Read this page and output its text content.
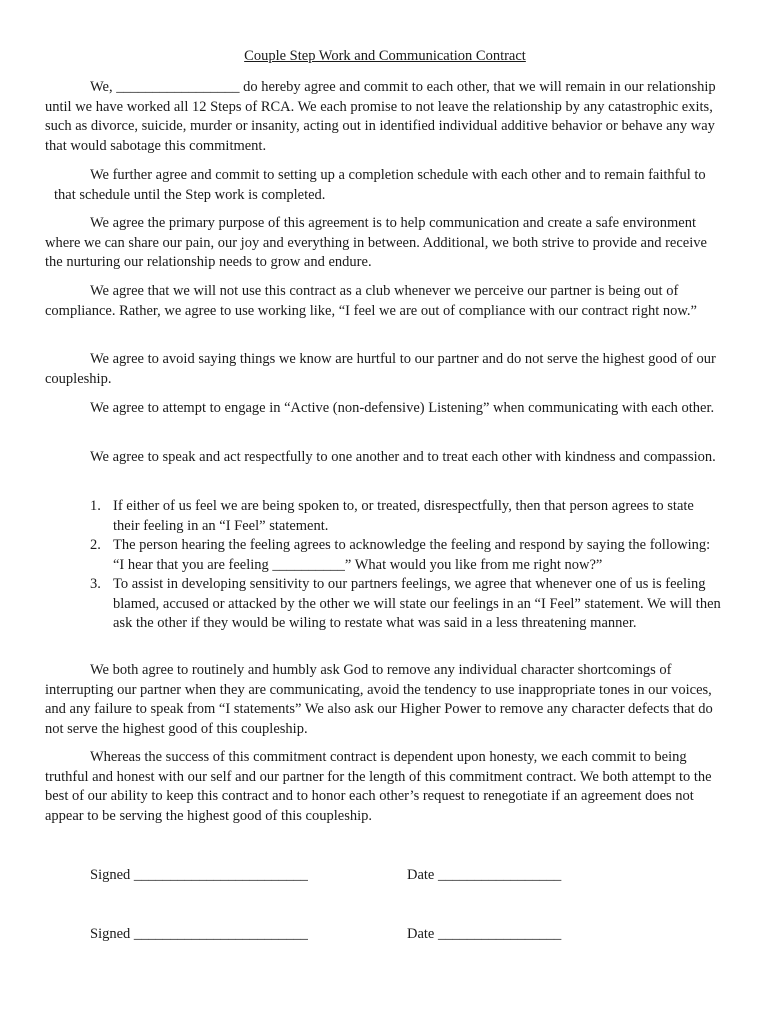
Couple Step Work and Communication Contract
We, _________________ do hereby agree and commit to each other, that we will remain in our relationship until we have worked all 12 Steps of RCA. We each promise to not leave the relationship by any catastrophic exits, such as divorce, suicide, murder or insanity, acting out in identified individual additive behavior or behave any way that would sabotage this commitment.
We further agree and commit to setting up a completion schedule with each other and to remain faithful to that schedule until the Step work is completed.
We agree the primary purpose of this agreement is to help communication and create a safe environment where we can share our pain, our joy and everything in between. Additional, we both strive to provide and receive the nurturing our relationship needs to grow and endure.
We agree that we will not use this contract as a club whenever we perceive our partner is being out of compliance. Rather, we agree to use working like, “I feel we are out of compliance with our contract right now.”
We agree to avoid saying things we know are hurtful to our partner and do not serve the highest good of our coupleship.
We agree to attempt to engage in “Active (non-defensive) Listening” when communicating with each other.
We agree to speak and act respectfully to one another and to treat each other with kindness and compassion.
1. If either of us feel we are being spoken to, or treated, disrespectfully, then that person agrees to state their feeling in an “I Feel” statement.
2. The person hearing the feeling agrees to acknowledge the feeling and respond by saying the following: “I hear that you are feeling __________” What would you like from me right now?”
3. To assist in developing sensitivity to our partners feelings, we agree that whenever one of us is feeling blamed, accused or attacked by the other we will state our feelings in an “I Feel” statement. We will then ask the other if they would be wiling to restate what was said in a less threatening manner.
We both agree to routinely and humbly ask God to remove any individual character shortcomings of interrupting our partner when they are communicating, avoid the tendency to use inappropriate tones in our voices, and any failure to speak from “I statements” We also ask our Higher Power to remove any character defects that do not serve the highest good of this coupleship.
Whereas the success of this commitment contract is dependent upon honesty, we each commit to being truthful and honest with our self and our partner for the length of this commitment contract. We both attempt to the best of our ability to keep this contract and to honor each other’s request to renegotiate if an agreement does not appear to be serving the highest good of this coupleship.
Signed ________________________	Date _________________
Signed ________________________	Date _________________
